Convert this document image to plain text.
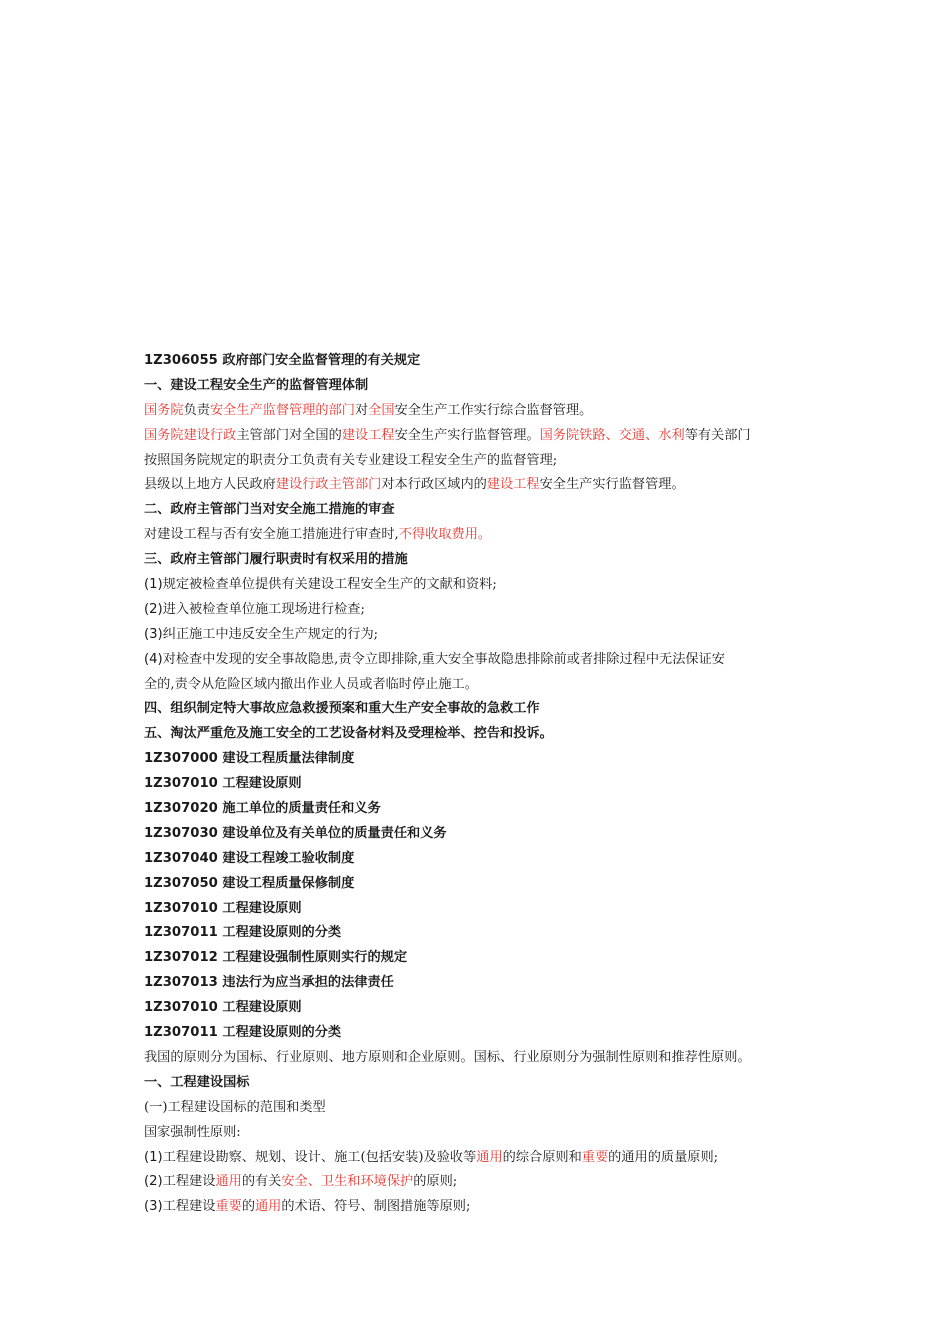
1Z306055 政府部门安全监督管理的有关规定
一、建设工程安全生产的监督管理体制
国务院负责安全生产监督管理的部门对全国安全生产工作实行综合监督管理。
国务院建设行政主管部门对全国的建设工程安全生产实行监督管理。国务院铁路、交通、水利等有关部门
按照国务院规定的职责分工负责有关专业建设工程安全生产的监督管理;
县级以上地方人民政府建设行政主管部门对本行政区域内的建设工程安全生产实行监督管理。
二、政府主管部门当对安全施工措施的审查
对建设工程与否有安全施工措施进行审查时,不得收取费用。
三、政府主管部门履行职责时有权采用的措施
(1)规定被检查单位提供有关建设工程安全生产的文献和资料;
(2)进入被检查单位施工现场进行检查;
(3)纠正施工中违反安全生产规定的行为;
(4)对检查中发现的安全事故隐患,责令立即排除,重大安全事故隐患排除前或者排除过程中无法保证安
全的,责令从危险区域内撤出作业人员或者临时停止施工。
四、组织制定特大事故应急救援预案和重大生产安全事故的急救工作
五、淘汰严重危及施工安全的工艺设备材料及受理检举、控告和投诉。
1Z307000 建设工程质量法律制度
1Z307010 工程建设原则
1Z307020 施工单位的质量责任和义务
1Z307030 建设单位及有关单位的质量责任和义务
1Z307040 建设工程竣工验收制度
1Z307050 建设工程质量保修制度
1Z307010 工程建设原则
1Z307011 工程建设原则的分类
1Z307012 工程建设强制性原则实行的规定
1Z307013 违法行为应当承担的法律责任
1Z307010 工程建设原则
1Z307011 工程建设原则的分类
我国的原则分为国标、行业原则、地方原则和企业原则。国标、行业原则分为强制性原则和推荐性原则。
一、工程建设国标
(一)工程建设国标的范围和类型
国家强制性原则:
(1)工程建设勘察、规划、设计、施工(包括安装)及验收等通用的综合原则和重要的通用的质量原则;
(2)工程建设通用的有关安全、卫生和环境保护的原则;
(3)工程建设重要的通用的术语、符号、制图措施等原则;
